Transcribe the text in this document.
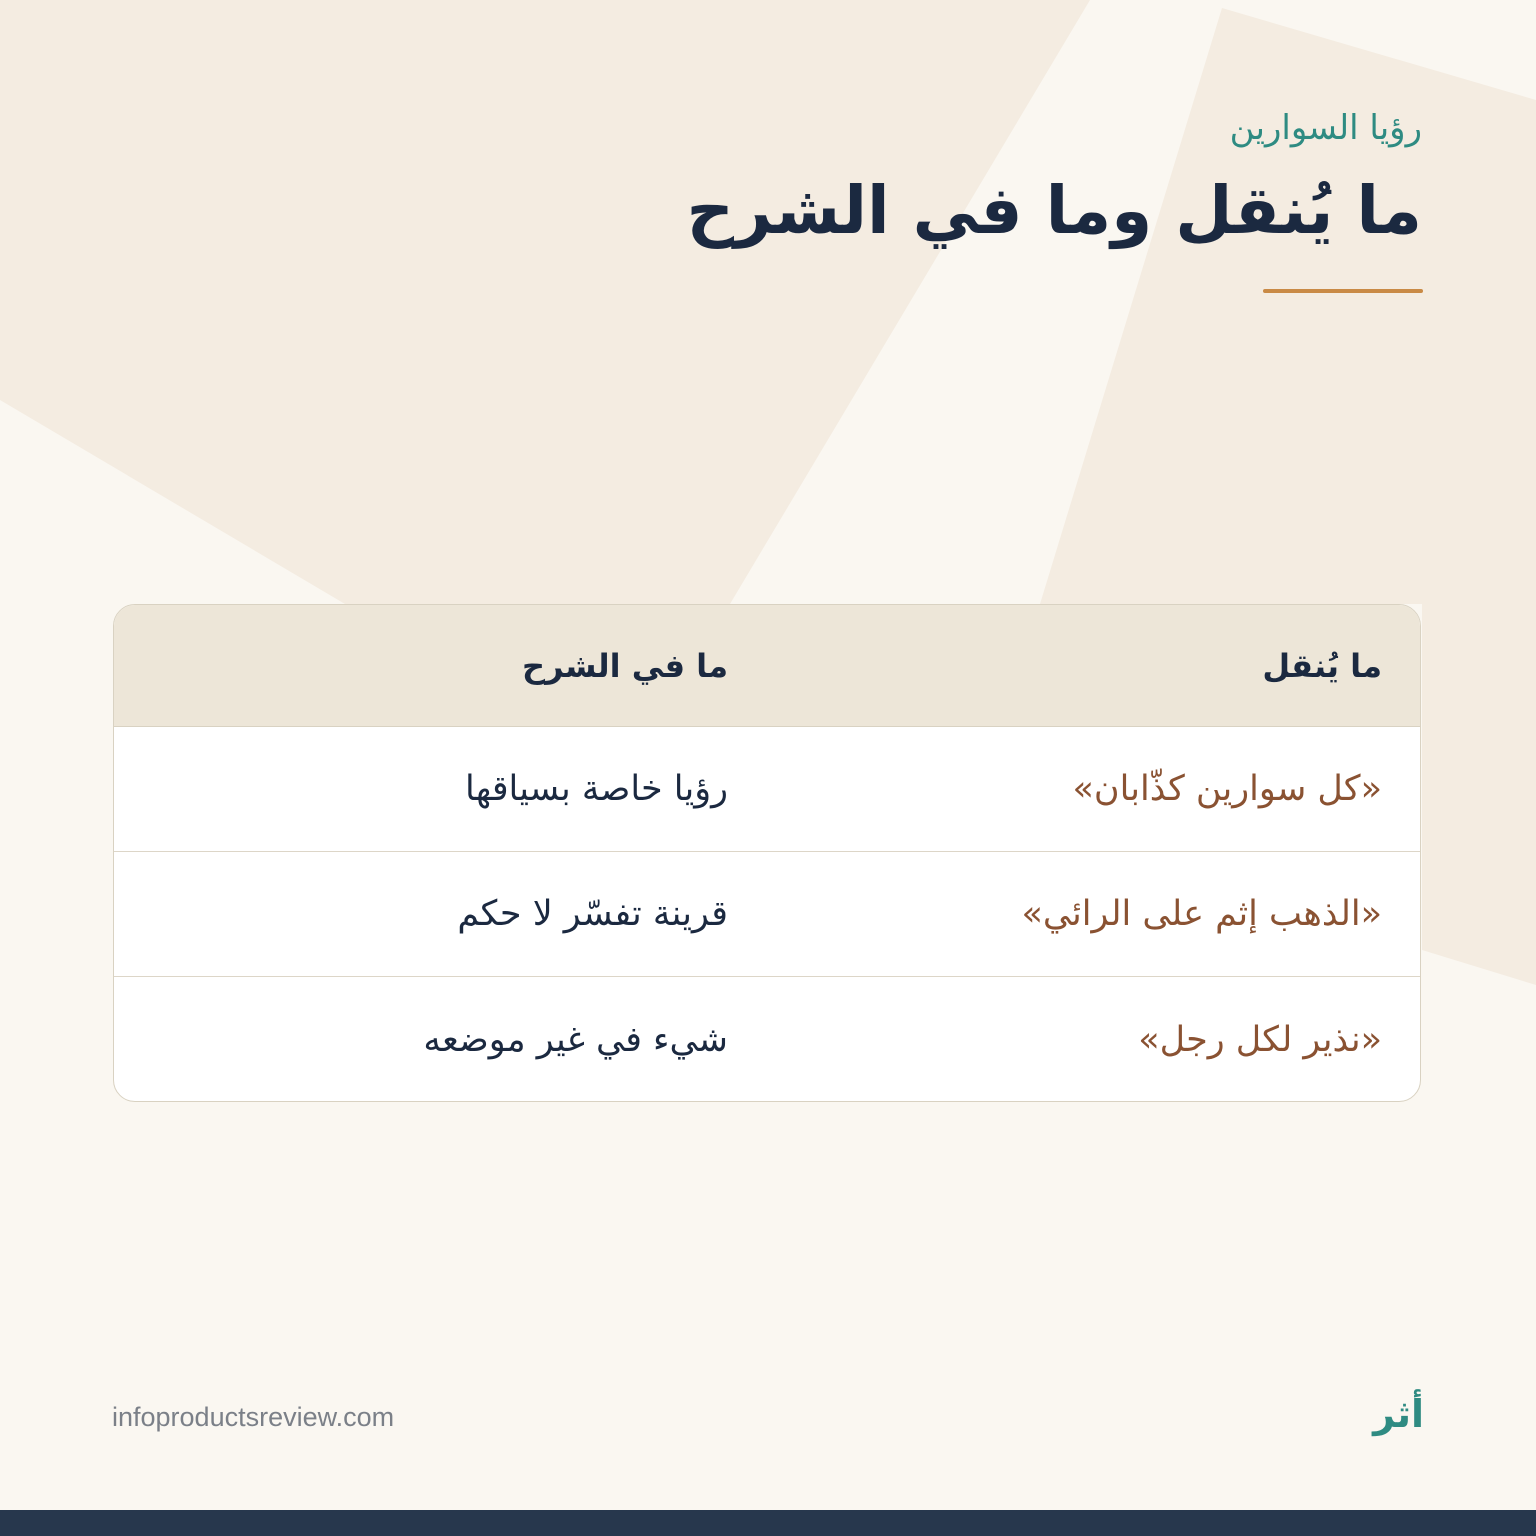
رؤيا السوارين
ما يُنقل وما في الشرح
ما يُنقل
ما في الشرح
«كل سوارين كذّابان»
رؤيا خاصة بسياقها
«الذهب إثم على الرائي»
قرينة تفسّر لا حكم
«نذير لكل رجل»
شيء في غير موضعه
infoproductsreview.com	أثر
